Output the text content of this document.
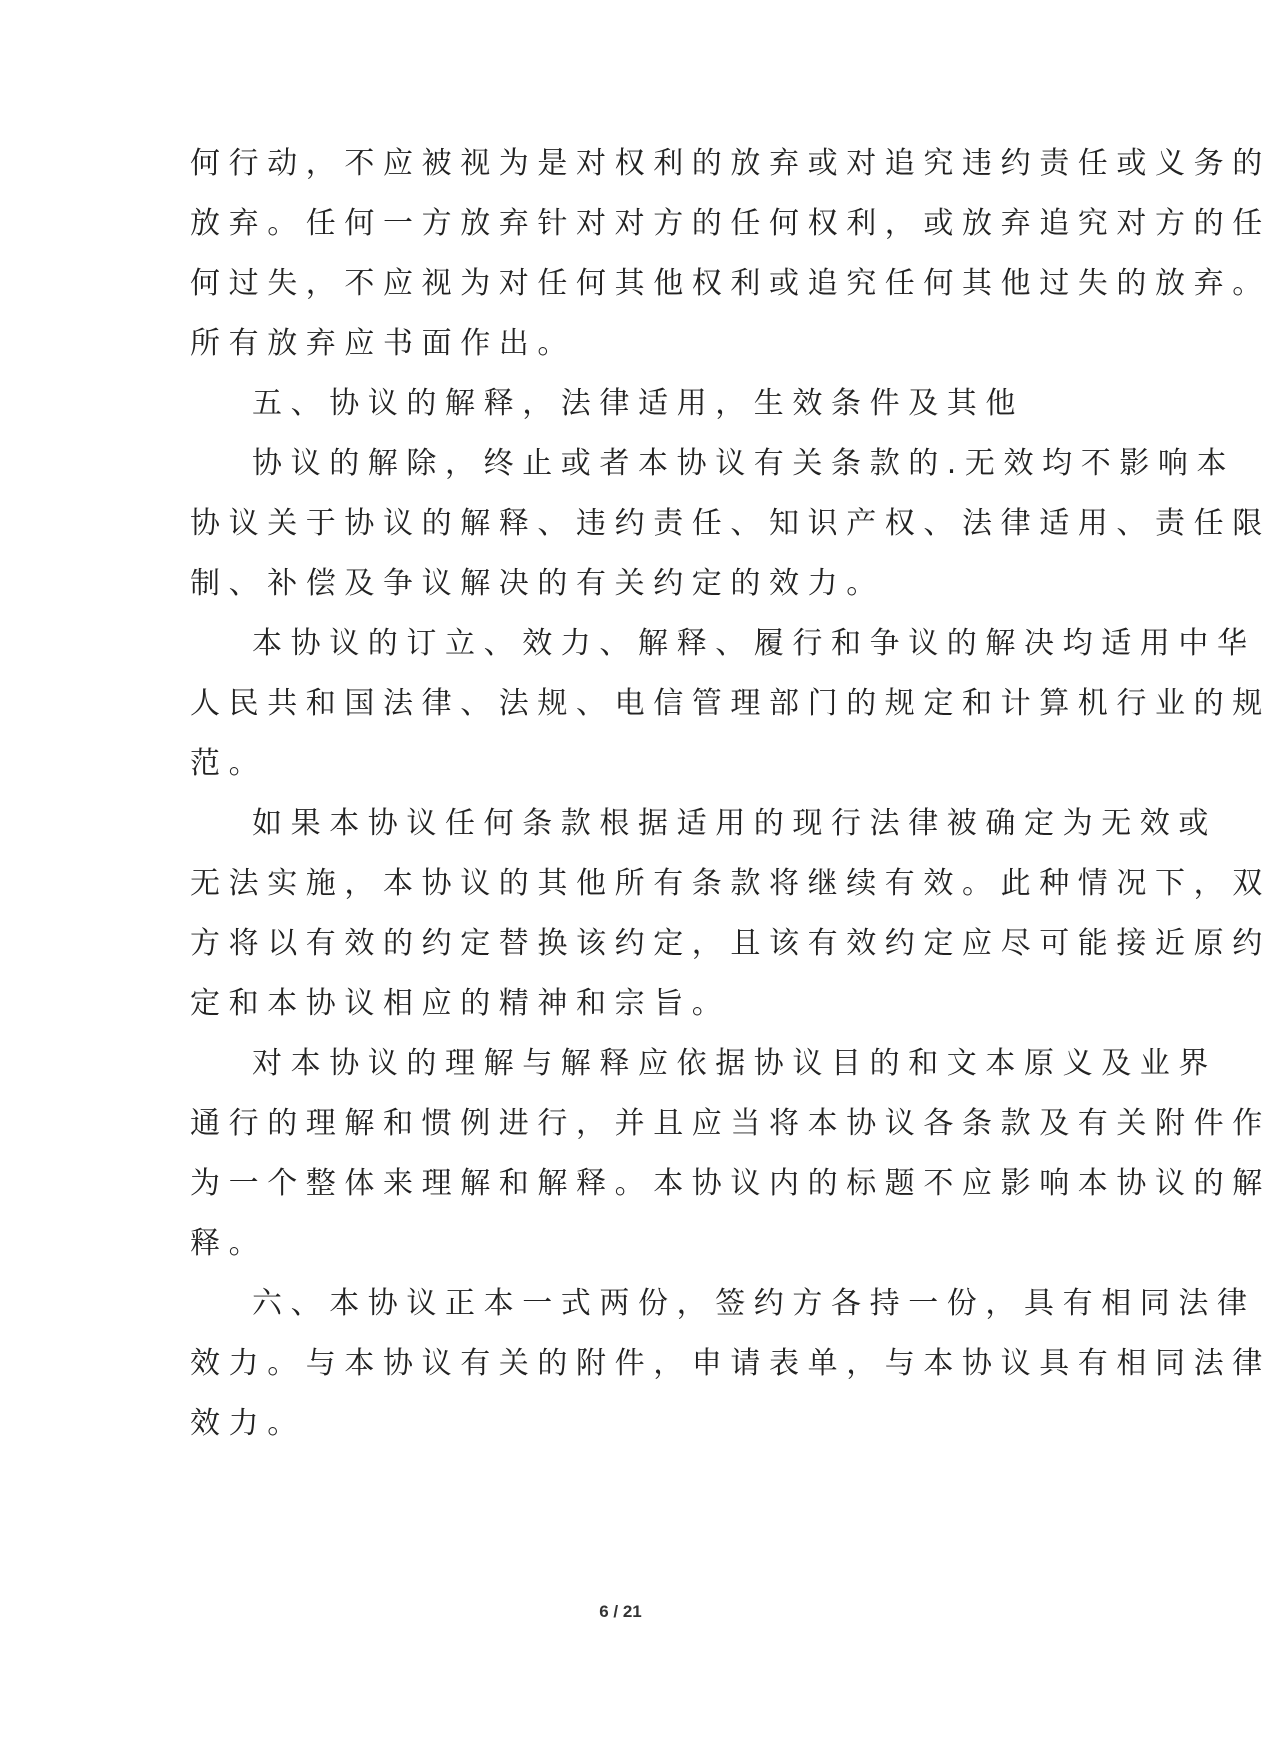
何行动，不应被视为是对权利的放弃或对追究违约责任或义务的
放弃。任何一方放弃针对对方的任何权利，或放弃追究对方的任
何过失，不应视为对任何其他权利或追究任何其他过失的放弃。
所有放弃应书面作出。
五、协议的解释，法律适用，生效条件及其他
协议的解除，终止或者本协议有关条款的.无效均不影响本
协议关于协议的解释、违约责任、知识产权、法律适用、责任限
制、补偿及争议解决的有关约定的效力。
本协议的订立、效力、解释、履行和争议的解决均适用中华
人民共和国法律、法规、电信管理部门的规定和计算机行业的规
范。
如果本协议任何条款根据适用的现行法律被确定为无效或
无法实施，本协议的其他所有条款将继续有效。此种情况下，双
方将以有效的约定替换该约定，且该有效约定应尽可能接近原约
定和本协议相应的精神和宗旨。
对本协议的理解与解释应依据协议目的和文本原义及业界
通行的理解和惯例进行，并且应当将本协议各条款及有关附件作
为一个整体来理解和解释。本协议内的标题不应影响本协议的解
释。
六、本协议正本一式两份，签约方各持一份，具有相同法律
效力。与本协议有关的附件，申请表单，与本协议具有相同法律
效力。
6 / 21
